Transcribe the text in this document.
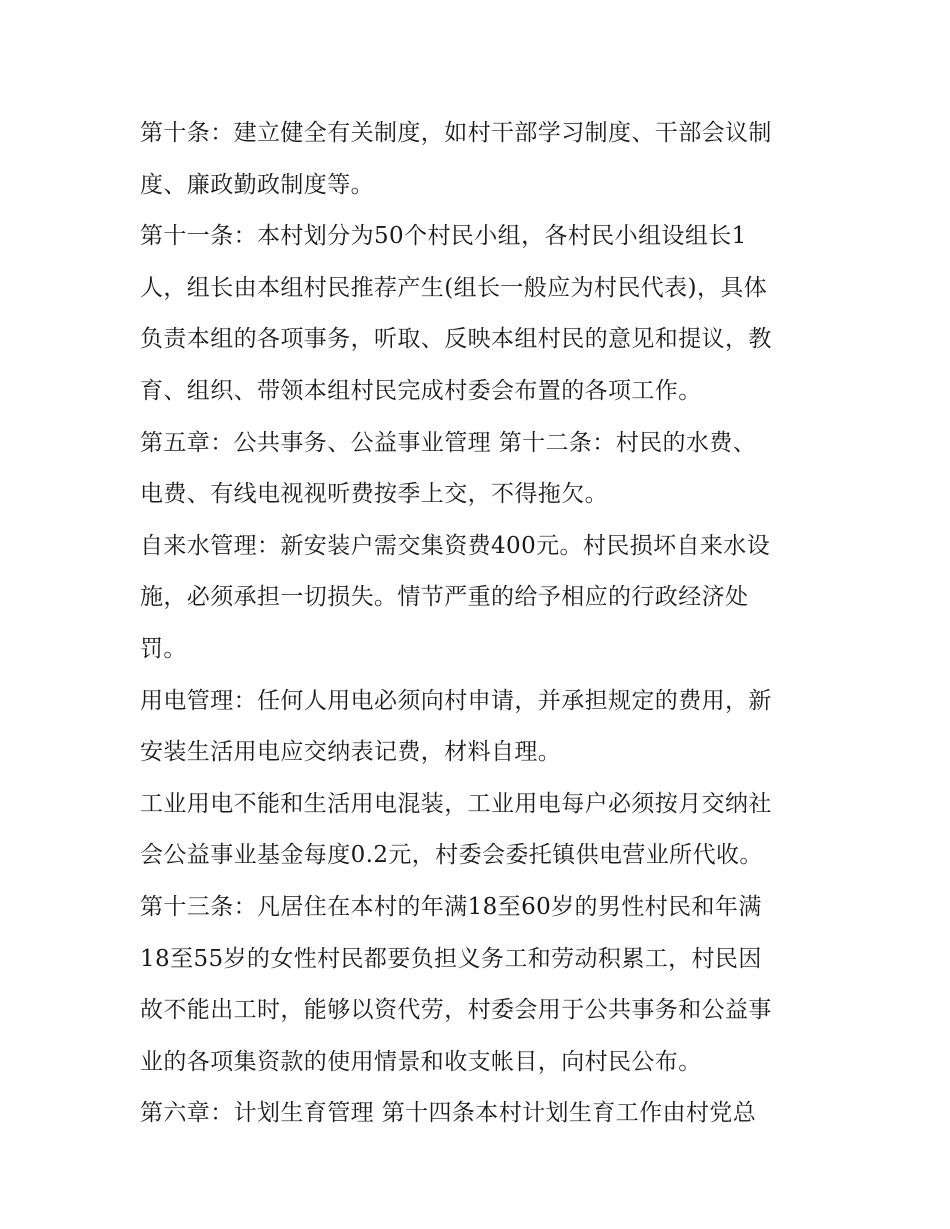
第十条：建立健全有关制度，如村干部学习制度、干部会议制
度、廉政勤政制度等。
第十一条：本村划分为50个村民小组，各村民小组设组长1
人，组长由本组村民推荐产生(组长一般应为村民代表)，具体
负责本组的各项事务，听取、反映本组村民的意见和提议，教
育、组织、带领本组村民完成村委会布置的各项工作。
第五章：公共事务、公益事业管理 第十二条：村民的水费、
电费、有线电视视听费按季上交，不得拖欠。
自来水管理：新安装户需交集资费400元。村民损坏自来水设
施，必须承担一切损失。情节严重的给予相应的行政经济处
罚。
用电管理：任何人用电必须向村申请，并承担规定的费用，新
安装生活用电应交纳表记费，材料自理。
工业用电不能和生活用电混装，工业用电每户必须按月交纳社
会公益事业基金每度0.2元，村委会委托镇供电营业所代收。
第十三条：凡居住在本村的年满18至60岁的男性村民和年满
18至55岁的女性村民都要负担义务工和劳动积累工，村民因
故不能出工时，能够以资代劳，村委会用于公共事务和公益事
业的各项集资款的使用情景和收支帐目，向村民公布。
第六章：计划生育管理 第十四条本村计划生育工作由村党总
